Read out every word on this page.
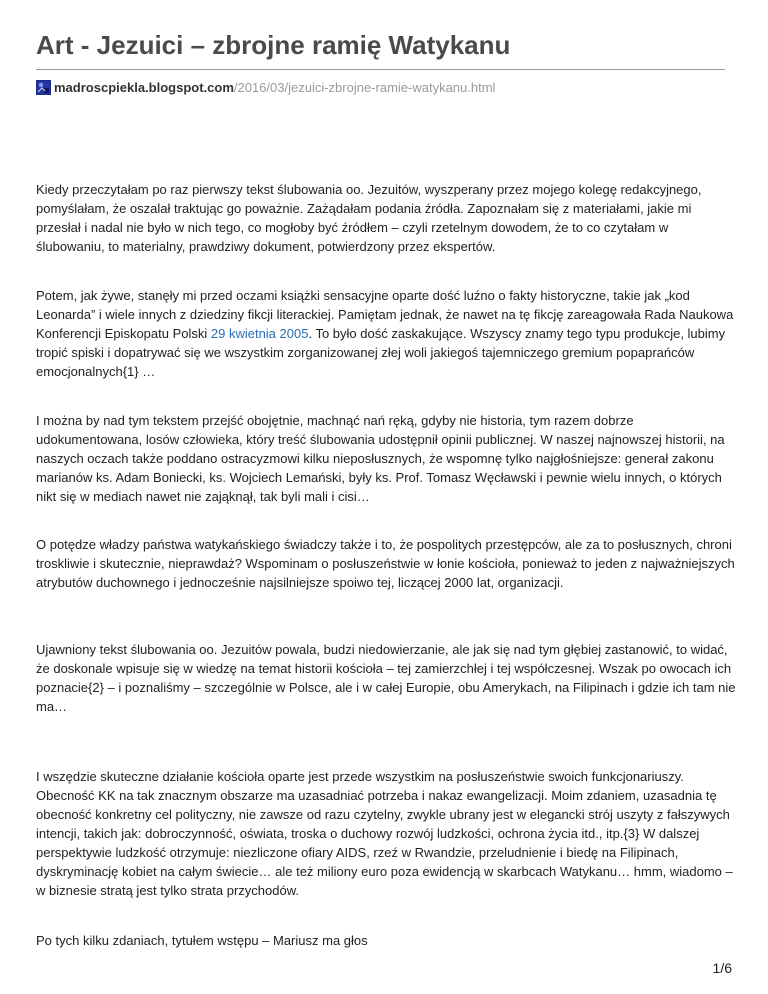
Art - Jezuici – zbrojne ramię Watykanu
madroscpiekla.blogspot.com /2016/03/jezuici-zbrojne-ramie-watykanu.html

Kiedy przeczytałam po raz pierwszy tekst ślubowania oo. Jezuitów, wyszperany przez mojego kolegę redakcyjnego, pomyślałam, że oszalał traktując go poważnie. Zażądałam podania źródła. Zapoznałam się z materiałami, jakie mi przesłał i nadal nie było w nich tego, co mogłoby być źródłem – czyli rzetelnym dowodem, że to co czytałam w ślubowaniu, to materialny, prawdziwy dokument, potwierdzony przez ekspertów.

Potem, jak żywe, stanęły mi przed oczami książki sensacyjne oparte dość luźno o fakty historyczne, takie jak „kod Leonarda” i wiele innych z dziedziny fikcji literackiej. Pamiętam jednak, że nawet na tę fikcję zareagowała Rada Naukowa Konferencji Episkopatu Polski 29 kwietnia 2005. To było dość zaskakujące. Wszyscy znamy tego typu produkcje, lubimy tropić spiski i dopatrywać się we wszystkim zorganizowanej złej woli jakiegoś tajemniczego gremium popaprańców emocjonalnych{1} …

I można by nad tym tekstem przejść obojętnie, machnąć nań ręką, gdyby nie historia, tym razem dobrze udokumentowana, losów człowieka, który treść ślubowania udostępnił opinii publicznej. W naszej najnowszej historii, na naszych oczach także poddano ostracyzmowi kilku nieposłusznych, że wspomnę tylko najgłośniejsze: generał zakonu marianów ks. Adam Boniecki, ks. Wojciech Lemański, były ks. Prof. Tomasz Węcławski i pewnie wielu innych, o których nikt się w mediach nawet nie zająknął, tak byli mali i cisi…

O potędze władzy państwa watykańskiego świadczy także i to, że pospolitych przestępców, ale za to posłusznych, chroni troskliwie i skutecznie, nieprawdaż? Wspominam o posłuszeństwie w łonie kościoła, ponieważ to jeden z najważniejszych atrybutów duchownego i jednocześnie najsilniejsze spoiwo tej, liczącej 2000 lat, organizacji.

Ujawniony tekst ślubowania oo. Jezuitów powala, budzi niedowierzanie, ale jak się nad tym głębiej zastanowić, to widać, że doskonale wpisuje się w wiedzę na temat historii kościoła – tej zamierzchłej i tej współczesnej. Wszak po owocach ich poznacie{2} – i poznaliśmy – szczególnie w Polsce, ale i w całej Europie, obu Amerykach, na Filipinach i gdzie ich tam nie ma…

I wszędzie skuteczne działanie kościoła oparte jest przede wszystkim na posłuszeństwie swoich funkcjonariuszy. Obecność KK na tak znacznym obszarze ma uzasadniać potrzeba i nakaz ewangelizacji. Moim zdaniem, uzasadnia tę obecność konkretny cel polityczny, nie zawsze od razu czytelny, zwykle ubrany jest w elegancki strój uszyty z fałszywych intencji, takich jak: dobroczynność, oświata, troska o duchowy rozwój ludzkości, ochrona życia itd., itp.{3} W dalszej perspektywie ludzkość otrzymuje: niezliczone ofiary AIDS, rzeź w Rwandzie, przeludnienie i biedę na Filipinach, dyskryminację kobiet na całym świecie… ale też miliony euro poza ewidencją w skarbcach Watykanu… hmm, wiadomo – w biznesie stratą jest tylko strata przychodów.

Po tych kilku zdaniach, tytułem wstępu – Mariusz ma głos

1/6
